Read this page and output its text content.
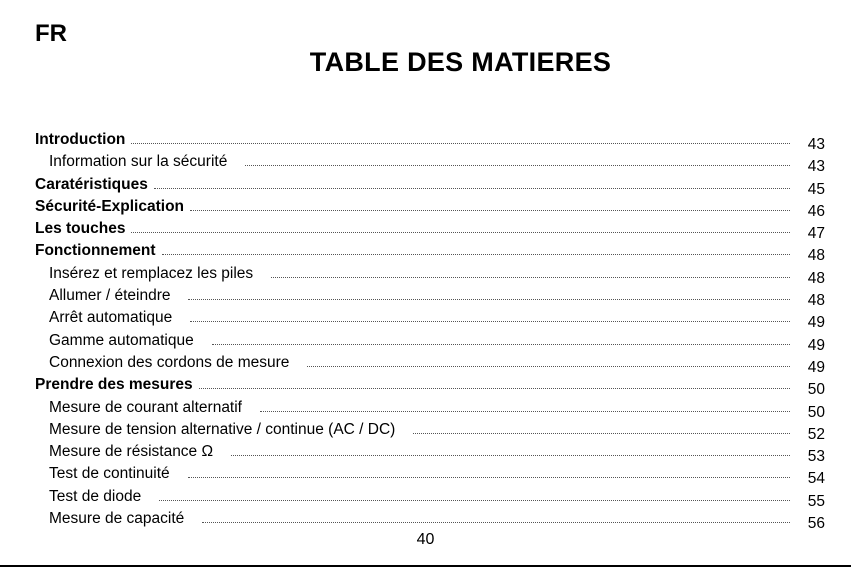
FR
TABLE DES MATIERES
Introduction	43
Information sur la sécurité	43
Caratéristiques	45
Sécurité-Explication	46
Les touches	47
Fonctionnement	48
Insérez et remplacez les piles	48
Allumer / éteindre	48
Arrêt automatique	49
Gamme automatique	49
Connexion des cordons de mesure	49
Prendre des mesures	50
Mesure de courant alternatif	50
Mesure de tension alternative / continue (AC / DC)	52
Mesure de résistance Ω	53
Test de continuité	54
Test de diode	55
Mesure de capacité	56
40
